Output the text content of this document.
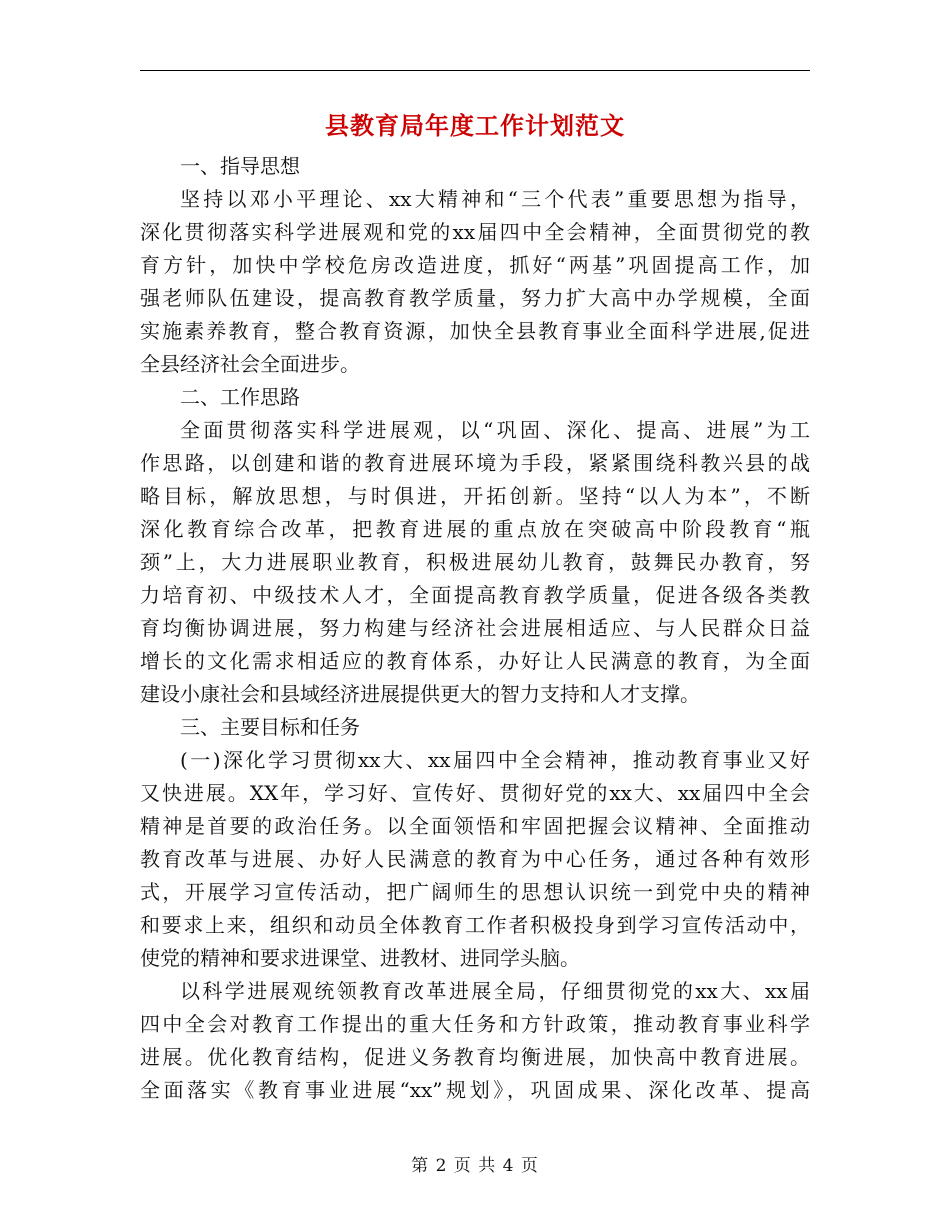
县教育局年度工作计划范文
一、指导思想
坚持以邓小平理论、xx大精神和“三个代表”重要思想为指导，
深化贯彻落实科学进展观和党的xx届四中全会精神，全面贯彻党的教
育方针，加快中学校危房改造进度，抓好“两基”巩固提高工作，加
强老师队伍建设，提高教育教学质量，努力扩大高中办学规模，全面
实施素养教育，整合教育资源，加快全县教育事业全面科学进展,促进
全县经济社会全面进步。
二、工作思路
全面贯彻落实科学进展观，以“巩固、深化、提高、进展”为工
作思路，以创建和谐的教育进展环境为手段，紧紧围绕科教兴县的战
略目标，解放思想，与时俱进，开拓创新。坚持“以人为本”，不断
深化教育综合改革，把教育进展的重点放在突破高中阶段教育“瓶
颈”上，大力进展职业教育，积极进展幼儿教育，鼓舞民办教育，努
力培育初、中级技术人才，全面提高教育教学质量，促进各级各类教
育均衡协调进展，努力构建与经济社会进展相适应、与人民群众日益
增长的文化需求相适应的教育体系，办好让人民满意的教育，为全面
建设小康社会和县域经济进展提供更大的智力支持和人才支撑。
三、主要目标和任务
(一)深化学习贯彻xx大、xx届四中全会精神，推动教育事业又好
又快进展。XX年，学习好、宣传好、贯彻好党的xx大、xx届四中全会
精神是首要的政治任务。以全面领悟和牢固把握会议精神、全面推动
教育改革与进展、办好人民满意的教育为中心任务，通过各种有效形
式，开展学习宣传活动，把广阔师生的思想认识统一到党中央的精神
和要求上来，组织和动员全体教育工作者积极投身到学习宣传活动中，
使党的精神和要求进课堂、进教材、进同学头脑。
以科学进展观统领教育改革进展全局，仔细贯彻党的xx大、xx届
四中全会对教育工作提出的重大任务和方针政策，推动教育事业科学
进展。优化教育结构，促进义务教育均衡进展，加快高中教育进展。
全面落实《教育事业进展“xx”规划》，巩固成果、深化改革、提高
第 2 页 共 4 页
